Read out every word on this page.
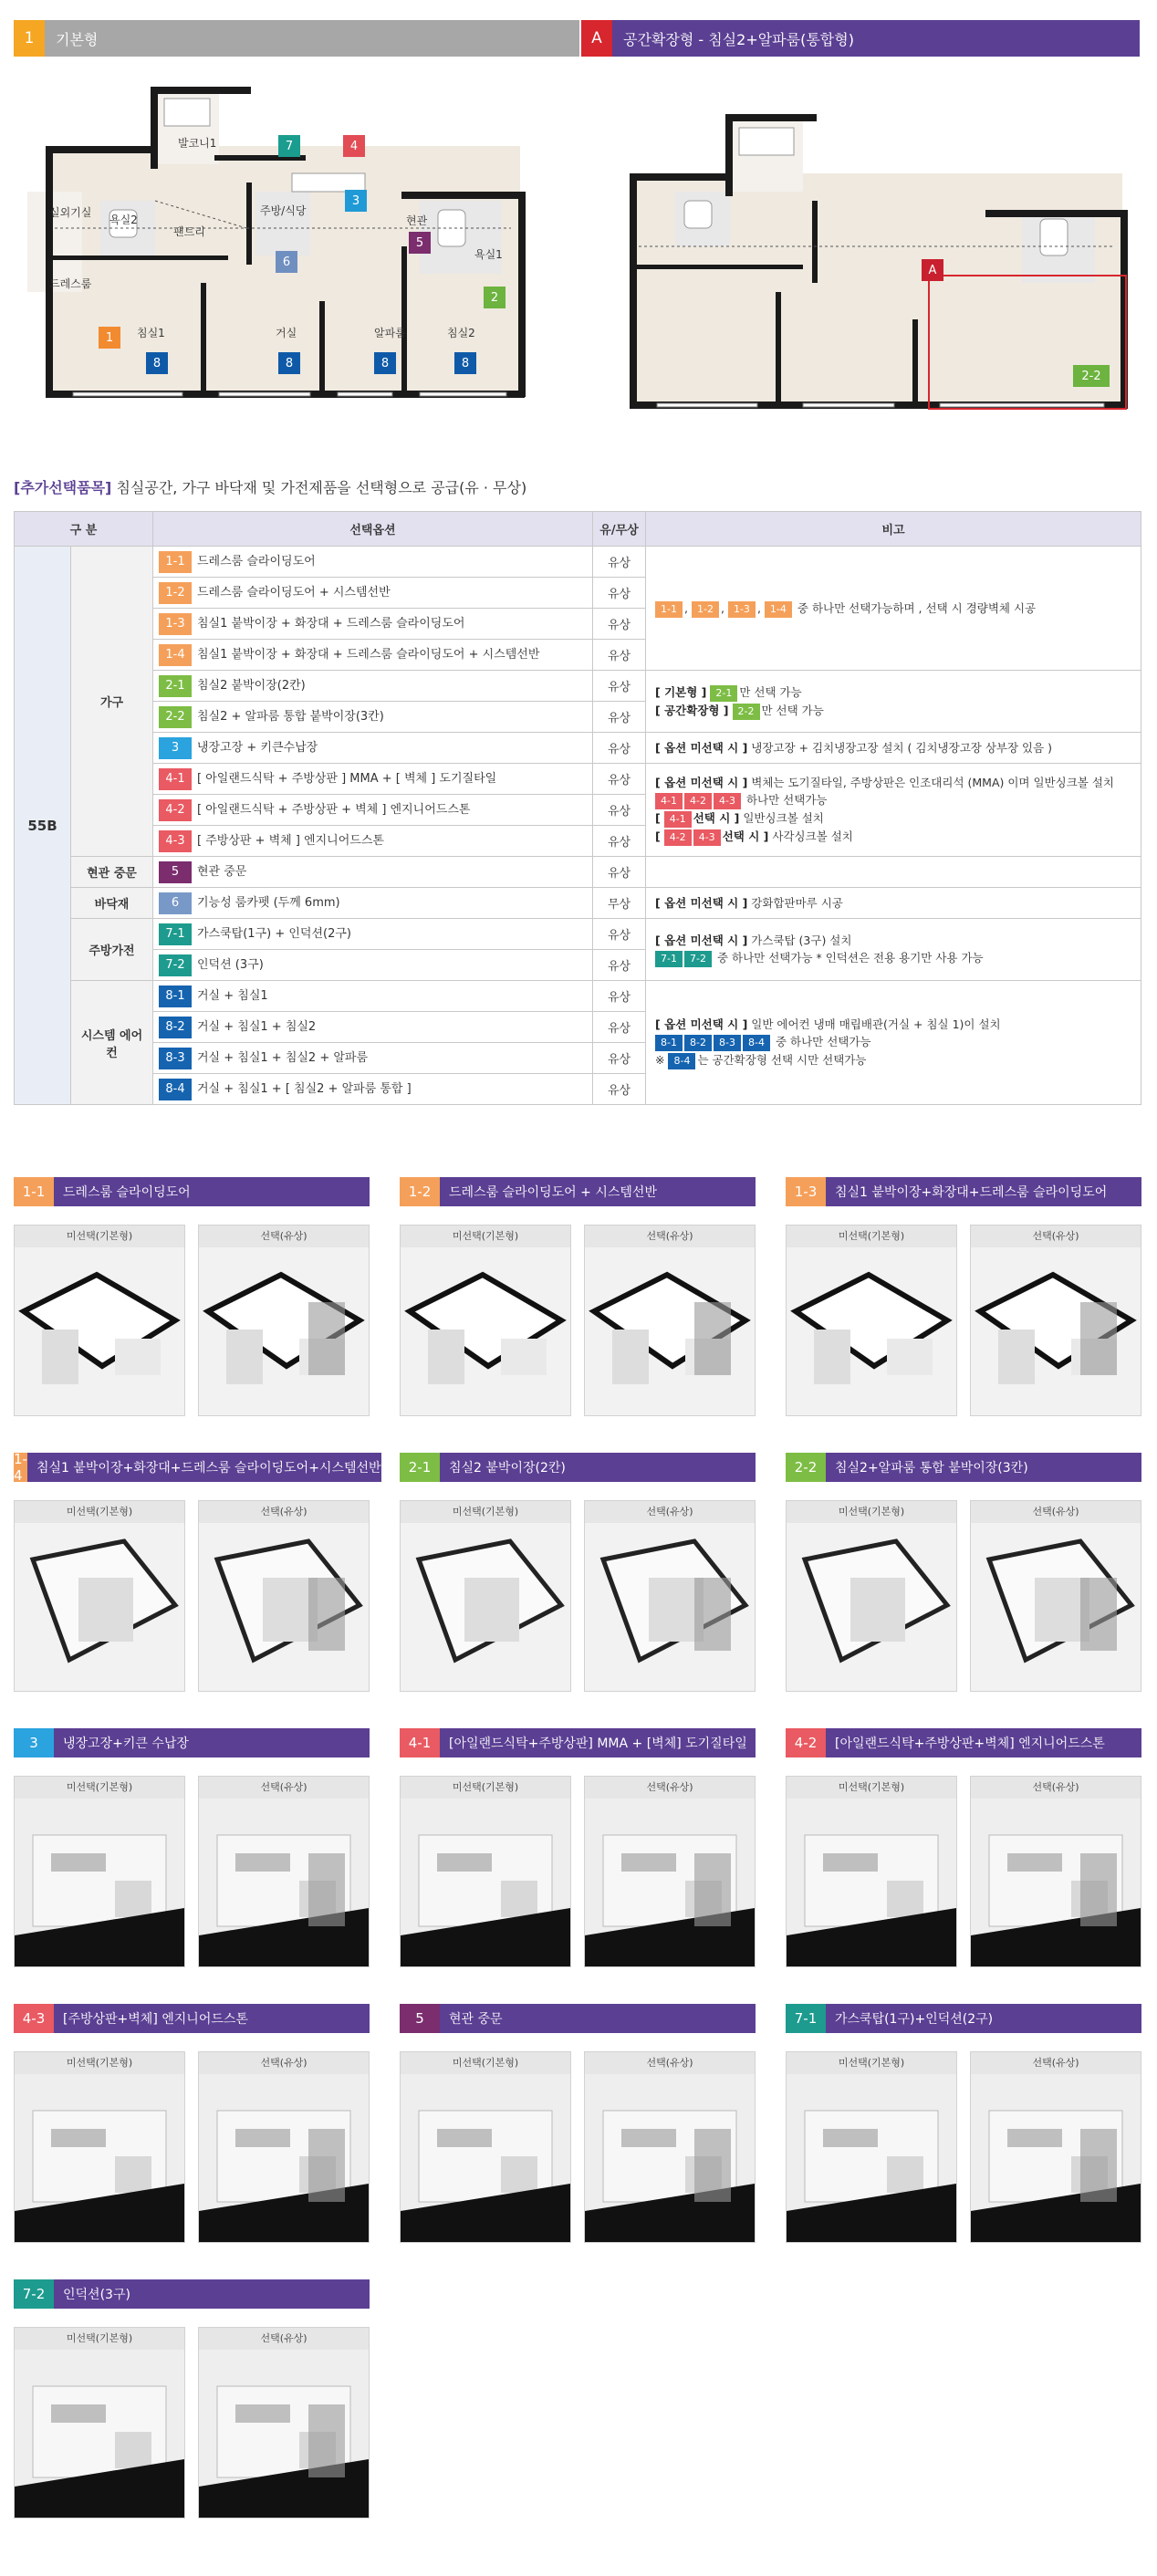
1	기본형	A	공간확장형 - 침실2+알파룸(통합형)
발코니1
실외기실
욕실2
팬트리
주방/식당
현관
욕실1
드레스룸
침실1	거실	알파룸	침실2
7	4
3
5
6
2
1
8	8	8	8
A
2-2
[추가선택품목] 침실공간, 가구 바닥재 및 가전제품을 선택형으로 공급(유 · 무상)
구 분		선택옵션	유/무상	비고
55B	가구	1-1 드레스룸 슬라이딩도어	유상	1-1 , 1-2 , 1-3 , 1-4 중 하나만 선택가능하며 , 선택 시 경량벽체 시공
		1-2 드레스룸 슬라이딩도어 + 시스템선반	유상	
		1-3 침실1 붙박이장 + 화장대 + 드레스룸 슬라이딩도어	유상	
		1-4 침실1 붙박이장 + 화장대 + 드레스룸 슬라이딩도어 + 시스템선반	유상	
		2-1 침실2 붙박이장(2칸)	유상	[ 기본형 ] 2-1 만 선택 가능
[ 공간확장형 ] 2-2 만 선택 가능
		2-2 침실2 + 알파룸 통합 붙박이장(3칸)	유상	
		3 냉장고장 + 키큰수납장	유상	[ 옵션 미선택 시 ] 냉장고장 + 김치냉장고장 설치 ( 김치냉장고장 상부장 있음 )
		4-1 [ 아일랜드식탁 + 주방상판 ] MMA + [ 벽체 ] 도기질타일	유상	[ 옵션 미선택 시 ] 벽체는 도기질타일, 주방상판은 인조대리석 (MMA) 이며 일반싱크볼 설치
4-1 4-2 4-3 하나만 선택가능
[ 4-1 선택 시 ] 일반싱크볼 설치
[ 4-2 4-3 선택 시 ] 사각싱크볼 설치
		4-2 [ 아일랜드식탁 + 주방상판 + 벽체 ] 엔지니어드스톤	유상	
		4-3 [ 주방상판 + 벽체 ] 엔지니어드스톤	유상	
	현관 중문	5 현관 중문	유상	
	바닥재	6 기능성 룸카펫 (두께 6mm)	무상	[ 옵션 미선택 시 ] 강화합판마루 시공
	주방가전	7-1 가스쿡탑(1구) + 인덕션(2구)	유상	[ 옵션 미선택 시 ] 가스쿡탑 (3구) 설치
7-1 7-2 중 하나만 선택가능 * 인덕션은 전용 용기만 사용 가능
		7-2 인덕션 (3구)	유상	
	시스템 에어컨	8-1 거실 + 침실1	유상	[ 옵션 미선택 시 ] 일반 에어컨 냉매 매립배관(거실 + 침실 1)이 설치
8-1 8-2 8-3 8-4 중 하나만 선택가능
※ 8-4 는 공간확장형 선택 시만 선택가능
		8-2 거실 + 침실1 + 침실2	유상	
		8-3 거실 + 침실1 + 침실2 + 알파룸	유상	
		8-4 거실 + 침실1 + [ 침실2 + 알파룸 통합 ]	유상	
1-1	드레스룸 슬라이딩도어
미선택(기본형)	선택(유상)
1-2	드레스룸 슬라이딩도어 + 시스템선반
미선택(기본형)	선택(유상)
1-3	침실1 붙박이장+화장대+드레스룸 슬라이딩도어
미선택(기본형)	선택(유상)
1-4	침실1 붙박이장+화장대+드레스룸 슬라이딩도어+시스템선반
미선택(기본형)	선택(유상)
2-1	침실2 붙박이장(2칸)
미선택(기본형)	선택(유상)
2-2	침실2+알파룸 통합 붙박이장(3칸)
미선택(기본형)	선택(유상)
3	냉장고장+키큰 수납장
미선택(기본형)	선택(유상)
4-1	[아일랜드식탁+주방상판] MMA + [벽체] 도기질타일
미선택(기본형)	선택(유상)
4-2	[아일랜드식탁+주방상판+벽체] 엔지니어드스톤
미선택(기본형)	선택(유상)
4-3	[주방상판+벽체] 엔지니어드스톤
미선택(기본형)	선택(유상)
5	현관 중문
미선택(기본형)	선택(유상)
7-1	가스쿡탑(1구)+인덕션(2구)
미선택(기본형)	선택(유상)
7-2	인덕션(3구)
미선택(기본형)	선택(유상)
